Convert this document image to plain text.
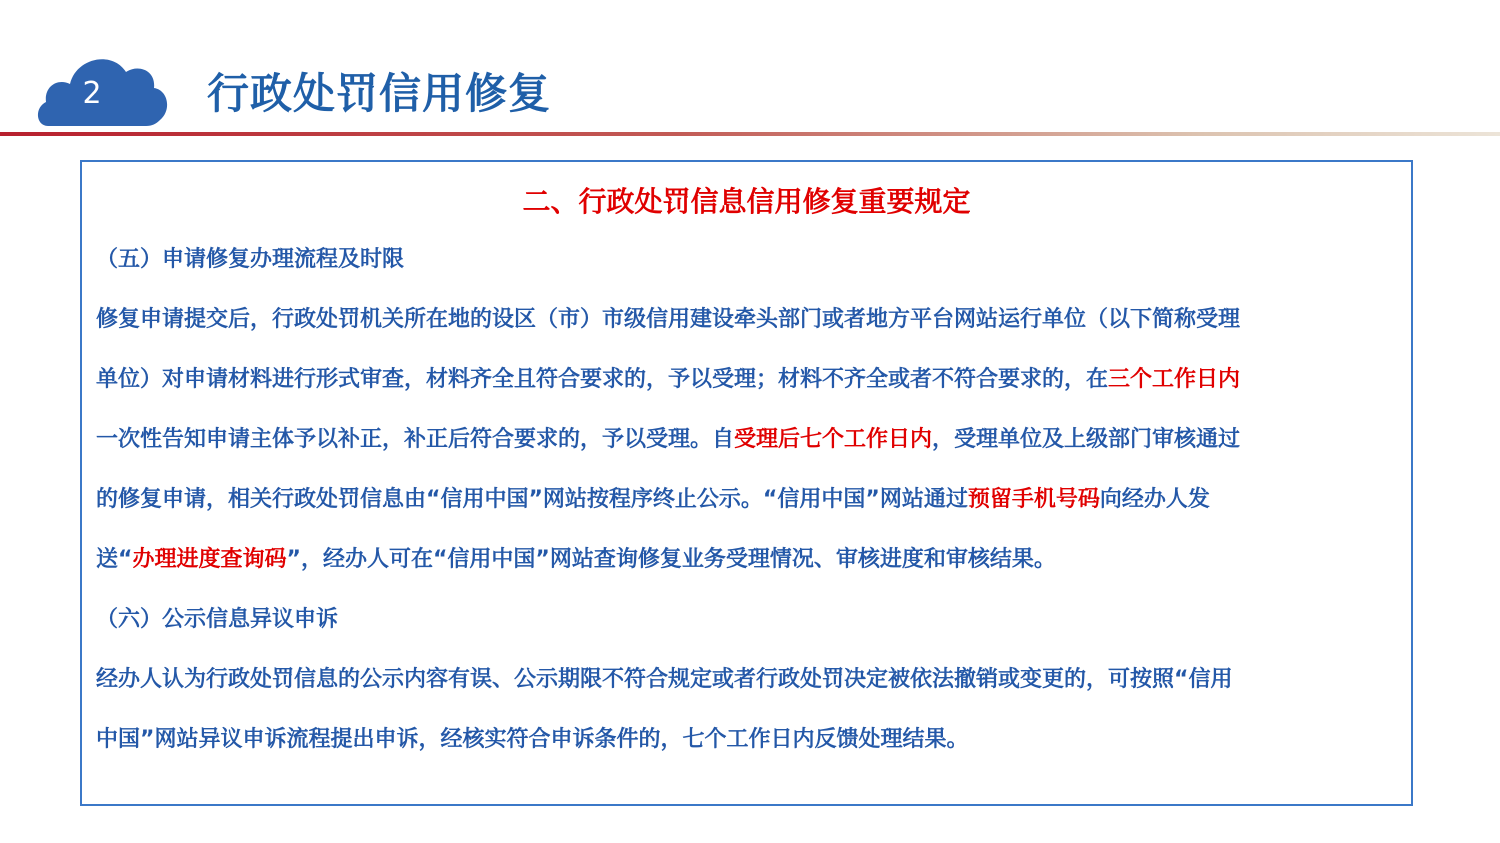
2	行政处罚信用修复
二、行政处罚信息信用修复重要规定

（五）申请修复办理流程及时限

修复申请提交后，行政处罚机关所在地的设区（市）市级信用建设牵头部门或者地方平台网站运行单位（以下简称受理

单位）对申请材料进行形式审查，材料齐全且符合要求的，予以受理；材料不齐全或者不符合要求的，在三个工作日内

一次性告知申请主体予以补正，补正后符合要求的，予以受理。自受理后七个工作日内，受理单位及上级部门审核通过

的修复申请，相关行政处罚信息由“信用中国”网站按程序终止公示。“信用中国”网站通过预留手机号码向经办人发

送“办理进度查询码”，经办人可在“信用中国”网站查询修复业务受理情况、审核进度和审核结果。

（六）公示信息异议申诉

经办人认为行政处罚信息的公示内容有误、公示期限不符合规定或者行政处罚决定被依法撤销或变更的，可按照“信用

中国”网站异议申诉流程提出申诉，经核实符合申诉条件的，七个工作日内反馈处理结果。
